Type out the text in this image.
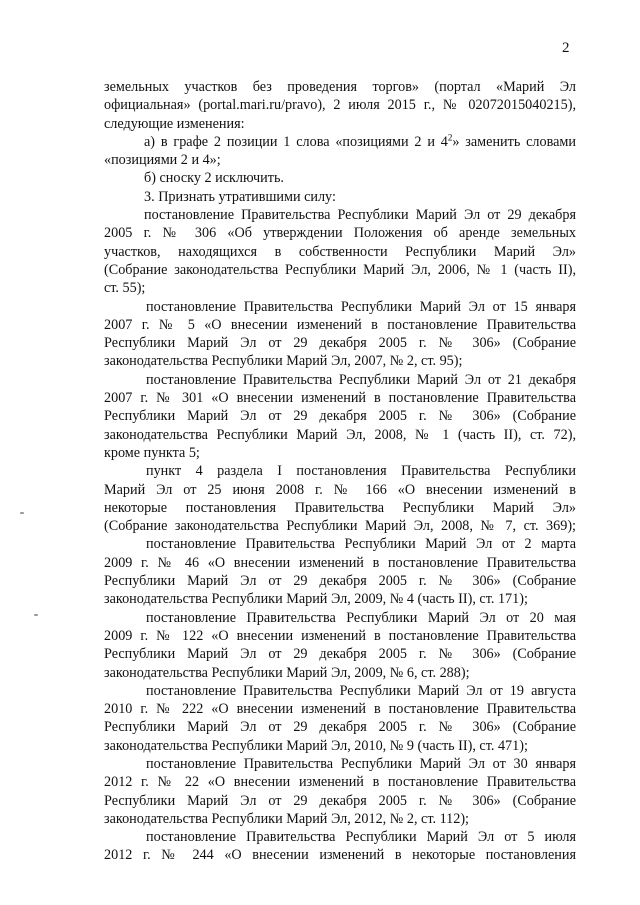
2
земельных участков без проведения торгов» (портал «Марий Эл
официальная» (portal.mari.ru/pravo), 2 июля 2015 г., № 02072015040215),
следующие изменения:
а) в графе 2 позиции 1 слова «позициями 2 и $4^2$» заменить словами
«позициями 2 и 4»;
б) сноску 2 исключить.
3. Признать утратившими силу:
постановление Правительства Республики Марий Эл от 29 декабря
2005 г. № 306 «Об утверждении Положения об аренде земельных
участков, находящихся в собственности Республики Марий Эл»
(Собрание законодательства Республики Марий Эл, 2006, № 1 (часть II),
ст. 55);
постановление Правительства Республики Марий Эл от 15 января
2007 г. № 5 «О внесении изменений в постановление Правительства
Республики Марий Эл от 29 декабря 2005 г. № 306» (Собрание
законодательства Республики Марий Эл, 2007, № 2, ст. 95);
постановление Правительства Республики Марий Эл от 21 декабря
2007 г. № 301 «О внесении изменений в постановление Правительства
Республики Марий Эл от 29 декабря 2005 г. № 306» (Собрание
законодательства Республики Марий Эл, 2008, № 1 (часть II), ст. 72),
кроме пункта 5;
пункт 4 раздела I постановления Правительства Республики
Марий Эл от 25 июня 2008 г. № 166 «О внесении изменений в
некоторые постановления Правительства Республики Марий Эл»
(Собрание законодательства Республики Марий Эл, 2008, № 7, ст. 369);
постановление Правительства Республики Марий Эл от 2 марта
2009 г. № 46 «О внесении изменений в постановление Правительства
Республики Марий Эл от 29 декабря 2005 г. № 306» (Собрание
законодательства Республики Марий Эл, 2009, № 4 (часть II), ст. 171);
постановление Правительства Республики Марий Эл от 20 мая
2009 г. № 122 «О внесении изменений в постановление Правительства
Республики Марий Эл от 29 декабря 2005 г. № 306» (Собрание
законодательства Республики Марий Эл, 2009, № 6, ст. 288);
постановление Правительства Республики Марий Эл от 19 августа
2010 г. № 222 «О внесении изменений в постановление Правительства
Республики Марий Эл от 29 декабря 2005 г. № 306» (Собрание
законодательства Республики Марий Эл, 2010, № 9 (часть II), ст. 471);
постановление Правительства Республики Марий Эл от 30 января
2012 г. № 22 «О внесении изменений в постановление Правительства
Республики Марий Эл от 29 декабря 2005 г. № 306» (Собрание
законодательства Республики Марий Эл, 2012, № 2, ст. 112);
постановление Правительства Республики Марий Эл от 5 июля
2012 г. № 244 «О внесении изменений в некоторые постановления
